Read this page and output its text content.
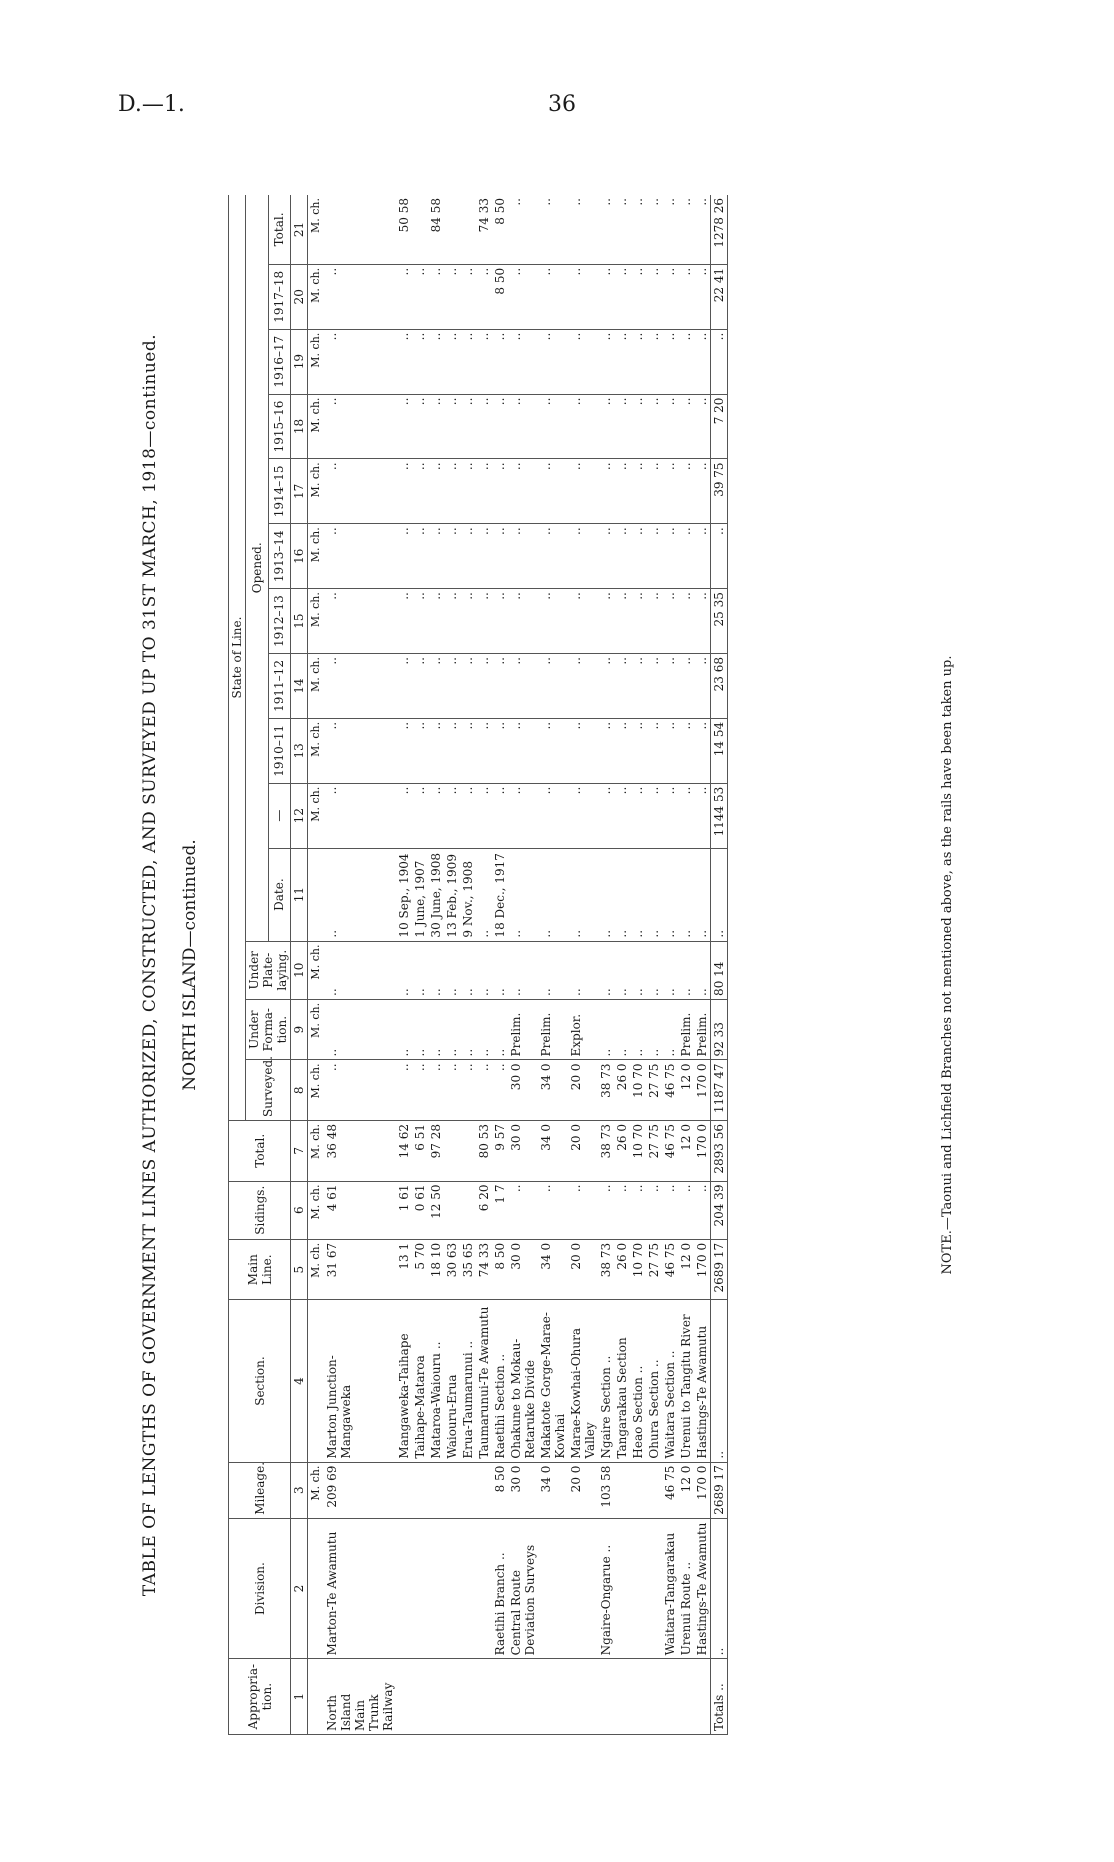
D.—1.	36
TABLE OF LENGTHS OF GOVERNMENT LINES AUTHORIZED, CONSTRUCTED, AND SURVEYED UP TO 31ST MARCH, 1918—continued. NORTH ISLAND—continued.
Appropria-tion.	Division.	Mileage.	Section.	Main Line.	Sidings.	Total.	State of Line.													
							Surveyed.	Under Forma-tion.	Under Plate-laying.	Opened.										
										Date.	—	1910–11	1911–12	1912–13	1913–14	1914–15	1915–16	1916–17	1917–18	Total.
1	2	3	4	5	6	7	8	9	10	11	12	13	14	15	16	17	18	19	20	21
		M. ch.		M. ch.	M. ch.	M. ch.	M. ch.	M. ch.	M. ch.		M. ch.	M. ch.	M. ch.	M. ch.	M. ch.	M. ch.	M. ch.	M. ch.	M. ch.	M. ch.
North Island Main Trunk Railway	Marton-Te Awamutu	209 69	Marton Junction-Mangaweka	31 67	4 61	36 48	..	..	..	..	..	..	..	..	..	..	..	..	..	
			Mangaweka-Taihape	13 1	1 61	14 62	..	..	..	10 Sep., 1904	..	..	..	..	..	..	..	..	..	50 58
			Taihape-Mataroa	5 70	0 61	6 51	..	..	..	1 June, 1907	..	..	..	..	..	..	..	..	..	
			Mataroa-Waiouru ..	18 10	12 50	97 28	..	..	..	30 June, 1908	..	..	..	..	..	..	..	..	..	84 58
			Waiouru-Erua	30 63			..	..	..	13 Feb., 1909	..	..	..	..	..	..	..	..	..	
			Erua-Taumarunui ..	35 65			..	..	..	9 Nov., 1908	..	..	..	..	..	..	..	..	..	
			Taumarunui-Te Awamutu	74 33	6 20	80 53	..	..	..	..	..	..	..	..	..	..	..	..	..	74 33
	Raetihi Branch ..	8 50	Raetihi Section ..	8 50	1 7	9 57	..	..	..	18 Dec., 1917	..	..	..	..	..	..	..	..	8 50	8 50
	Central Route Deviation Surveys	30 0	Ohakune to Mokau-Retaruke Divide	30 0	..	30 0	30 0	Prelim.	..	..	..	..	..	..	..	..	..	..	..	..
		34 0	Makatote Gorge-Marae-Kowhai	34 0	..	34 0	34 0	Prelim.	..	..	..	..	..	..	..	..	..	..	..	..
		20 0	Marae-Kowhai-Ohura Valley	20 0	..	20 0	20 0	Explor.	..	..	..	..	..	..	..	..	..	..	..	..
	Ngaire-Ongarue ..	103 58	Ngaire Section ..	38 73	..	38 73	38 73	..	..	..	..	..	..	..	..	..	..	..	..	..
			Tangarakau Section	26 0	..	26 0	26 0	..	..	..	..	..	..	..	..	..	..	..	..	..
			Heao Section ..	10 70	..	10 70	10 70	..	..	..	..	..	..	..	..	..	..	..	..	..
			Ohura Section ..	27 75	..	27 75	27 75	..	..	..	..	..	..	..	..	..	..	..	..	..
	Waitara-Tangarakau	46 75	Waitara Section ..	46 75	..	46 75	46 75	..	..	..	..	..	..	..	..	..	..	..	..	..
	Urenui Route ..	12 0	Urenui to Tangitu River	12 0	..	12 0	12 0	Prelim.	..	..	..	..	..	..	..	..	..	..	..	..
	Hastings-Te Awamutu	170 0	Hastings-Te Awamutu	170 0	..	170 0	170 0	Prelim.	..	..	..	..	..	..	..	..	..	..	..	..
Totals ..	..	2689 17	..	2689 17	204 39	2893 56	1187 47	92 33	80 14	..	1144 53	14 54	23 68	25 35	..	39 75	7 20	..	22 41	1278 26
NOTE.—Taonui and Lichfield Branches not mentioned above, as the rails have been taken up.
